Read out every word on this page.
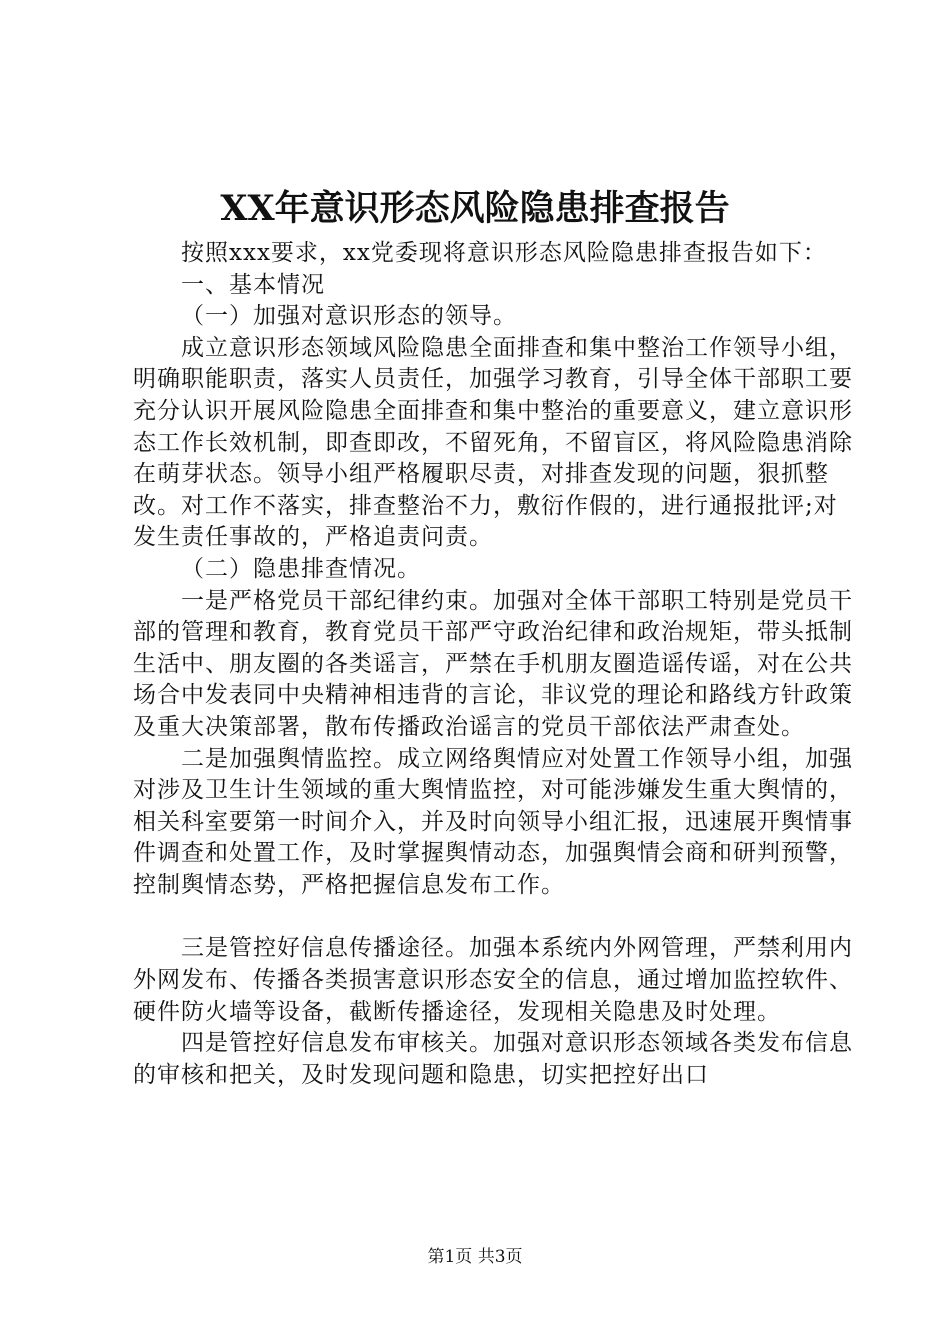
XX年意识形态风险隐患排查报告

按照xxx要求，xx党委现将意识形态风险隐患排查报告如下：

一、基本情况

（一）加强对意识形态的领导。

成立意识形态领域风险隐患全面排查和集中整治工作领导小组，明确职能职责，落实人员责任，加强学习教育，引导全体干部职工要充分认识开展风险隐患全面排查和集中整治的重要意义，建立意识形态工作长效机制，即查即改，不留死角，不留盲区，将风险隐患消除在萌芽状态。领导小组严格履职尽责，对排查发现的问题，狠抓整改。对工作不落实，排查整治不力，敷衍作假的，进行通报批评;对发生责任事故的，严格追责问责。

（二）隐患排查情况。

一是严格党员干部纪律约束。加强对全体干部职工特别是党员干部的管理和教育，教育党员干部严守政治纪律和政治规矩，带头抵制生活中、朋友圈的各类谣言，严禁在手机朋友圈造谣传谣，对在公共场合中发表同中央精神相违背的言论，非议党的理论和路线方针政策及重大决策部署，散布传播政治谣言的党员干部依法严肃查处。

二是加强舆情监控。成立网络舆情应对处置工作领导小组，加强对涉及卫生计生领域的重大舆情监控，对可能涉嫌发生重大舆情的，相关科室要第一时间介入，并及时向领导小组汇报，迅速展开舆情事件调查和处置工作，及时掌握舆情动态，加强舆情会商和研判预警，控制舆情态势，严格把握信息发布工作。

三是管控好信息传播途径。加强本系统内外网管理，严禁利用内外网发布、传播各类损害意识形态安全的信息，通过增加监控软件、硬件防火墙等设备，截断传播途径，发现相关隐患及时处理。

四是管控好信息发布审核关。加强对意识形态领域各类发布信息的审核和把关，及时发现问题和隐患，切实把控好出口

第1页 共3页
